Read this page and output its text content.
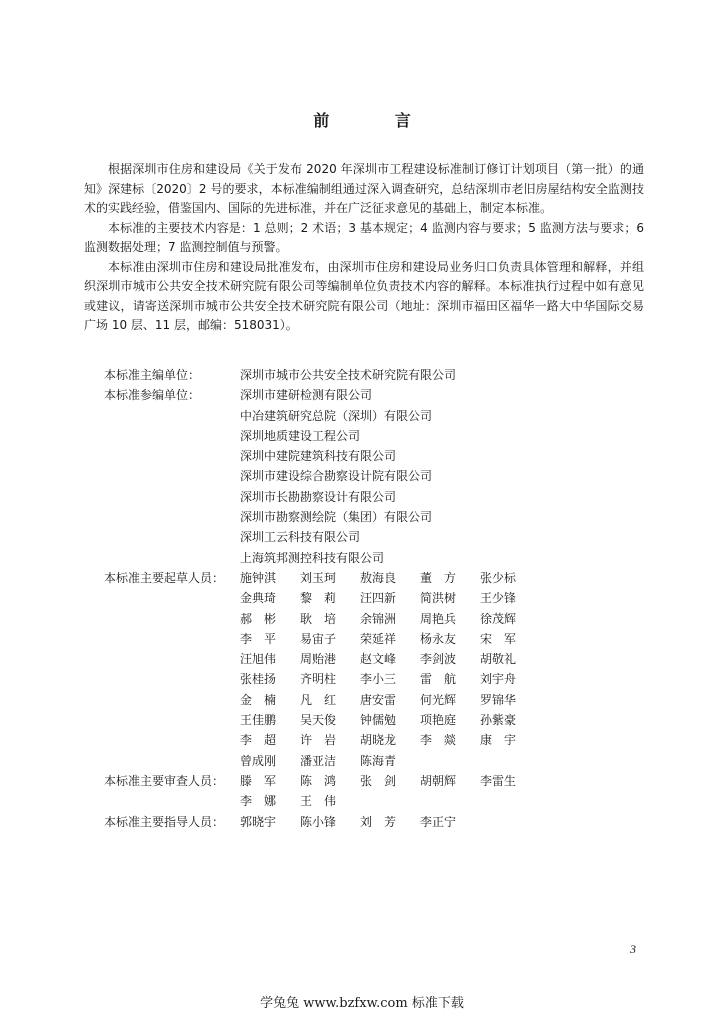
前 言

根据深圳市住房和建设局《关于发布 2020 年深圳市工程建设标准制订修订计划项目（第一批）的通知》深建标〔2020〕2 号的要求，本标准编制组通过深入调查研究，总结深圳市老旧房屋结构安全监测技术的实践经验，借鉴国内、国际的先进标准，并在广泛征求意见的基础上，制定本标准。

本标准的主要技术内容是：1 总则；2 术语；3 基本规定；4 监测内容与要求；5 监测方法与要求；6 监测数据处理；7 监测控制值与预警。

本标准由深圳市住房和建设局批准发布，由深圳市住房和建设局业务归口负责具体管理和解释，并组织深圳市城市公共安全技术研究院有限公司等编制单位负责技术内容的解释。本标准执行过程中如有意见或建议，请寄送深圳市城市公共安全技术研究院有限公司（地址：深圳市福田区福华一路大中华国际交易广场 10 层、11 层，邮编：518031）。

本标准主编单位：	深圳市城市公共安全技术研究院有限公司
本标准参编单位：	深圳市建研检测有限公司
中冶建筑研究总院（深圳）有限公司
深圳地质建设工程公司
深圳中建院建筑科技有限公司
深圳市建设综合勘察设计院有限公司
深圳市长勘勘察设计有限公司
深圳市勘察测绘院（集团）有限公司
深圳工云科技有限公司
上海筑邦测控科技有限公司
本标准主要起草人员：	施钟淇	刘玉珂	敖海良	董　方	张少标
金典琦	黎　莉	汪四新	简洪树	王少锋
郝　彬	耿　培	余锦洲	周艳兵	徐茂辉
李　平	易宙子	荣延祥	杨永友	宋　军
汪旭伟	周贻港	赵文峰	李剑波	胡敬礼
张桂扬	齐明柱	李小三	雷　航	刘宇舟
金　楠	凡　红	唐安雷	何光辉	罗锦华
王佳鹏	吴天俊	钟儒勉	项艳庭	孙紫豪
李　超	许　岩	胡晓龙	李　燚	康　宇
曾成刚	潘亚洁	陈海青
本标准主要审查人员：	滕　军	陈　鸿	张　剑	胡朝辉	李雷生
李　娜	王　伟
本标准主要指导人员：	郭晓宇	陈小锋	刘　芳	李正宁
3
学兔兔 www.bzfxw.com 标准下载
